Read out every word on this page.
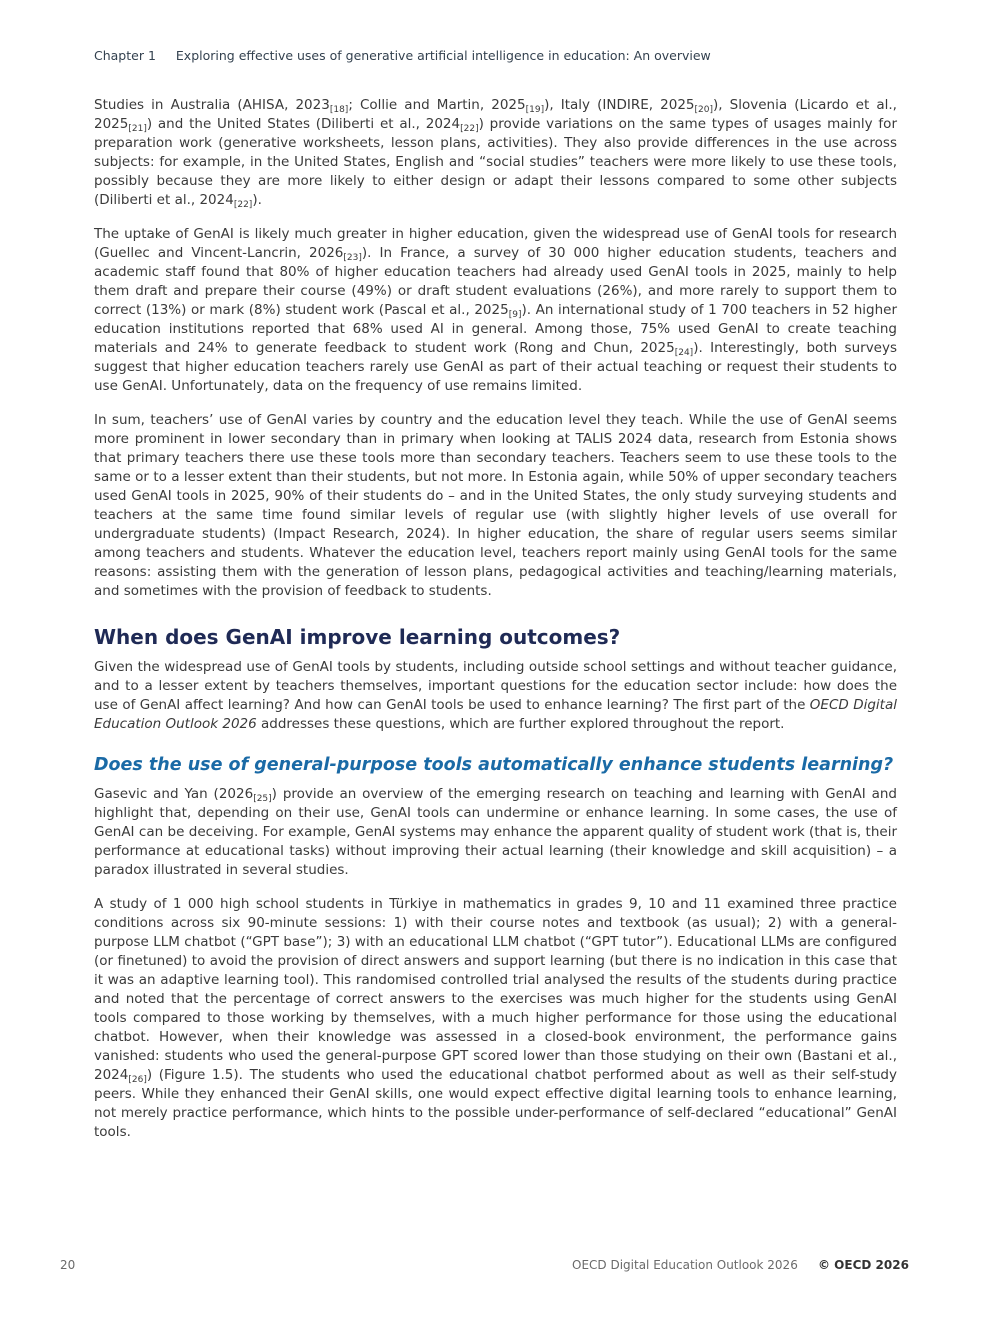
Chapter 1 Exploring effective uses of generative artificial intelligence in education: An overview

Studies in Australia (AHISA, $2023_{[18]}$; Collie and Martin, $2025_{[19]}$), Italy (INDIRE, $2025_{[20]}$), Slovenia (Licardo et al., $2025_{[21]}$) and the United States (Diliberti et al., $2024_{[22]}$) provide variations on the same types of usages mainly for preparation work (generative worksheets, lesson plans, activities). They also provide differences in the use across subjects: for example, in the United States, English and “social studies” teachers were more likely to use these tools, possibly because they are more likely to either design or adapt their lessons compared to some other subjects (Diliberti et al., $2024_{[22]}$).

The uptake of GenAI is likely much greater in higher education, given the widespread use of GenAI tools for research (Guellec and Vincent-Lancrin, $2026_{[23]}$). In France, a survey of 30 000 higher education students, teachers and academic staff found that 80% of higher education teachers had already used GenAI tools in 2025, mainly to help them draft and prepare their course (49%) or draft student evaluations (26%), and more rarely to support them to correct (13%) or mark (8%) student work (Pascal et al., $2025_{[9]}$). An international study of 1 700 teachers in 52 higher education institutions reported that 68% used AI in general. Among those, 75% used GenAI to create teaching materials and 24% to generate feedback to student work (Rong and Chun, $2025_{[24]}$). Interestingly, both surveys suggest that higher education teachers rarely use GenAI as part of their actual teaching or request their students to use GenAI. Unfortunately, data on the frequency of use remains limited.

In sum, teachers’ use of GenAI varies by country and the education level they teach. While the use of GenAI seems more prominent in lower secondary than in primary when looking at TALIS 2024 data, research from Estonia shows that primary teachers there use these tools more than secondary teachers. Teachers seem to use these tools to the same or to a lesser extent than their students, but not more. In Estonia again, while 50% of upper secondary teachers used GenAI tools in 2025, 90% of their students do – and in the United States, the only study surveying students and teachers at the same time found similar levels of regular use (with slightly higher levels of use overall for undergraduate students) (Impact Research, 2024). In higher education, the share of regular users seems similar among teachers and students. Whatever the education level, teachers report mainly using GenAI tools for the same reasons: assisting them with the generation of lesson plans, pedagogical activities and teaching/learning materials, and sometimes with the provision of feedback to students.

When does GenAI improve learning outcomes?

Given the widespread use of GenAI tools by students, including outside school settings and without teacher guidance, and to a lesser extent by teachers themselves, important questions for the education sector include: how does the use of GenAI affect learning? And how can GenAI tools be used to enhance learning? The first part of the OECD Digital Education Outlook 2026 addresses these questions, which are further explored throughout the report.

Does the use of general-purpose tools automatically enhance students learning?

Gasevic and Yan $(2026_{[25]})$ provide an overview of the emerging research on teaching and learning with GenAI and highlight that, depending on their use, GenAI tools can undermine or enhance learning. In some cases, the use of GenAI can be deceiving. For example, GenAI systems may enhance the apparent quality of student work (that is, their performance at educational tasks) without improving their actual learning (their knowledge and skill acquisition) – a paradox illustrated in several studies.

A study of 1 000 high school students in Türkiye in mathematics in grades 9, 10 and 11 examined three practice conditions across six 90-minute sessions: 1) with their course notes and textbook (as usual); 2) with a general-purpose LLM chatbot (“GPT base”); 3) with an educational LLM chatbot (“GPT tutor”). Educational LLMs are configured (or finetuned) to avoid the provision of direct answers and support learning (but there is no indication in this case that it was an adaptive learning tool). This randomised controlled trial analysed the results of the students during practice and noted that the percentage of correct answers to the exercises was much higher for the students using GenAI tools compared to those working by themselves, with a much higher performance for those using the educational chatbot. However, when their knowledge was assessed in a closed-book environment, the performance gains vanished: students who used the general-purpose GPT scored lower than those studying on their own (Bastani et al., $2024_{[26]}$) (Figure 1.5). The students who used the educational chatbot performed about as well as their self-study peers. While they enhanced their GenAI skills, one would expect effective digital learning tools to enhance learning, not merely practice performance, which hints to the possible under-performance of self-declared “educational” GenAI tools.

20	OECD Digital Education Outlook 2026 © OECD 2026
